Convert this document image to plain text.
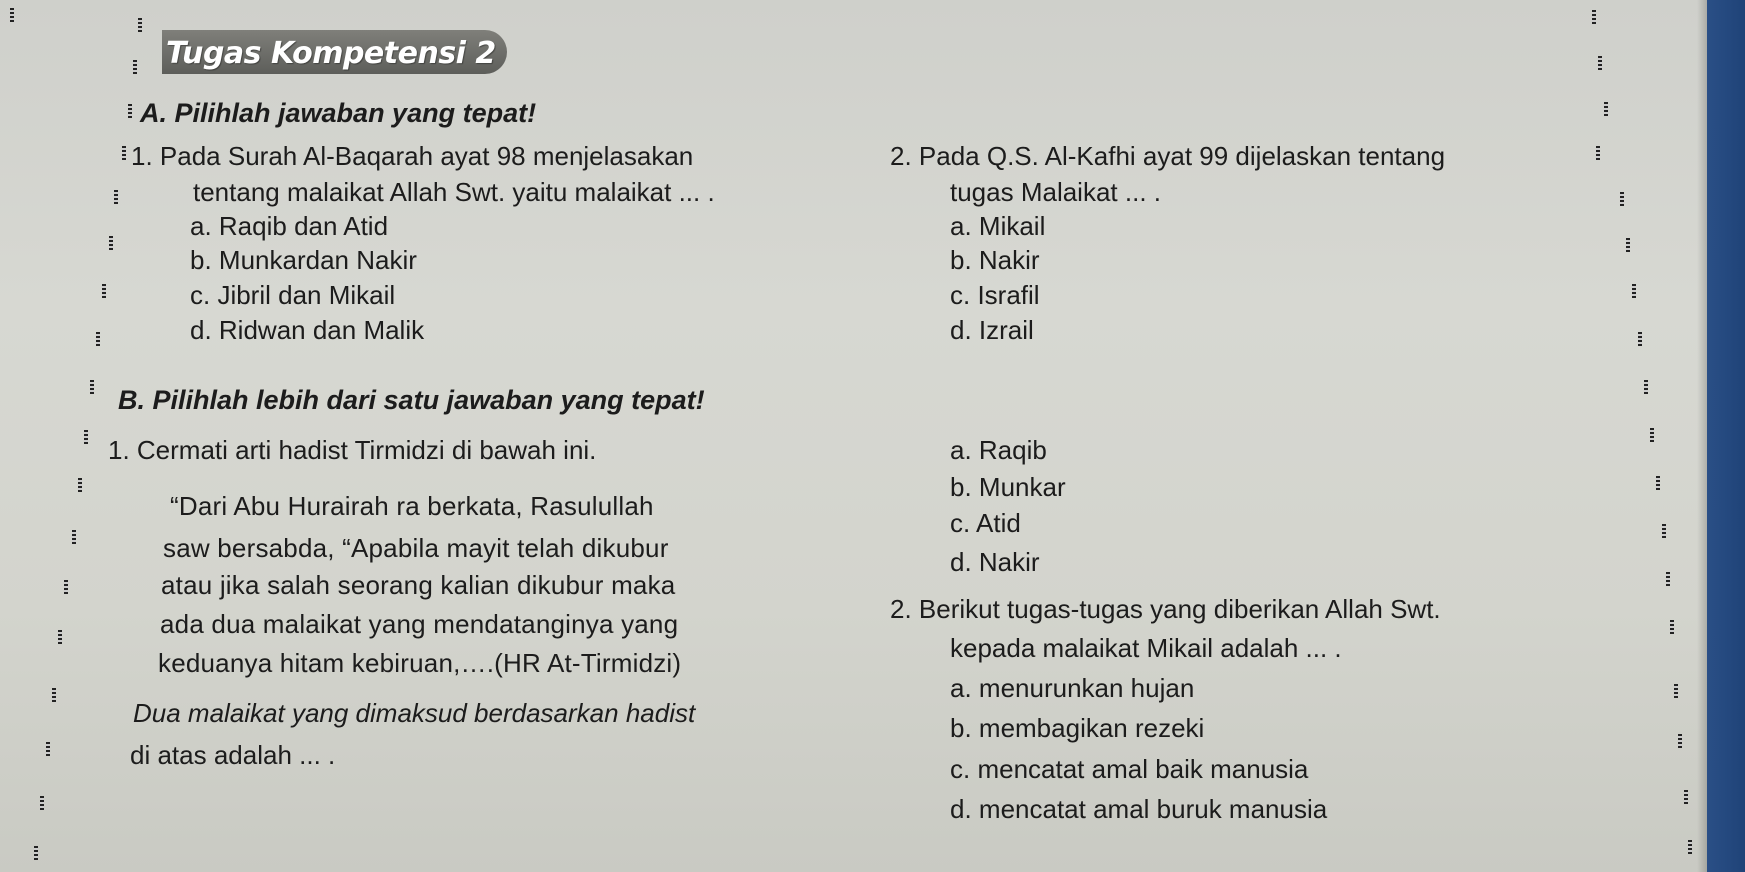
Tugas Kompetensi 2
A. Pilihlah jawaban yang tepat!
1. Pada Surah Al-Baqarah ayat 98 menjelasakan
tentang malaikat Allah Swt. yaitu malaikat ... .
a. Raqib dan Atid
b. Munkardan Nakir
c. Jibril dan Mikail
d. Ridwan dan Malik
2. Pada Q.S. Al-Kafhi ayat 99 dijelaskan tentang
tugas Malaikat ... .
a. Mikail
b. Nakir
c. Israfil
d. Izrail
B. Pilihlah lebih dari satu jawaban yang tepat!
1. Cermati arti hadist Tirmidzi di bawah ini.
“Dari Abu Hurairah ra berkata, Rasulullah
saw bersabda, “Apabila mayit telah dikubur
atau jika salah seorang kalian dikubur maka
ada dua malaikat yang mendatanginya yang
keduanya hitam kebiruan,….(HR At-Tirmidzi)
Dua malaikat yang dimaksud berdasarkan hadist
di atas adalah ... .
a. Raqib
b. Munkar
c. Atid
d. Nakir
2. Berikut tugas-tugas yang diberikan Allah Swt.
kepada malaikat Mikail adalah ... .
a. menurunkan hujan
b. membagikan rezeki
c. mencatat amal baik manusia
d. mencatat amal buruk manusia
